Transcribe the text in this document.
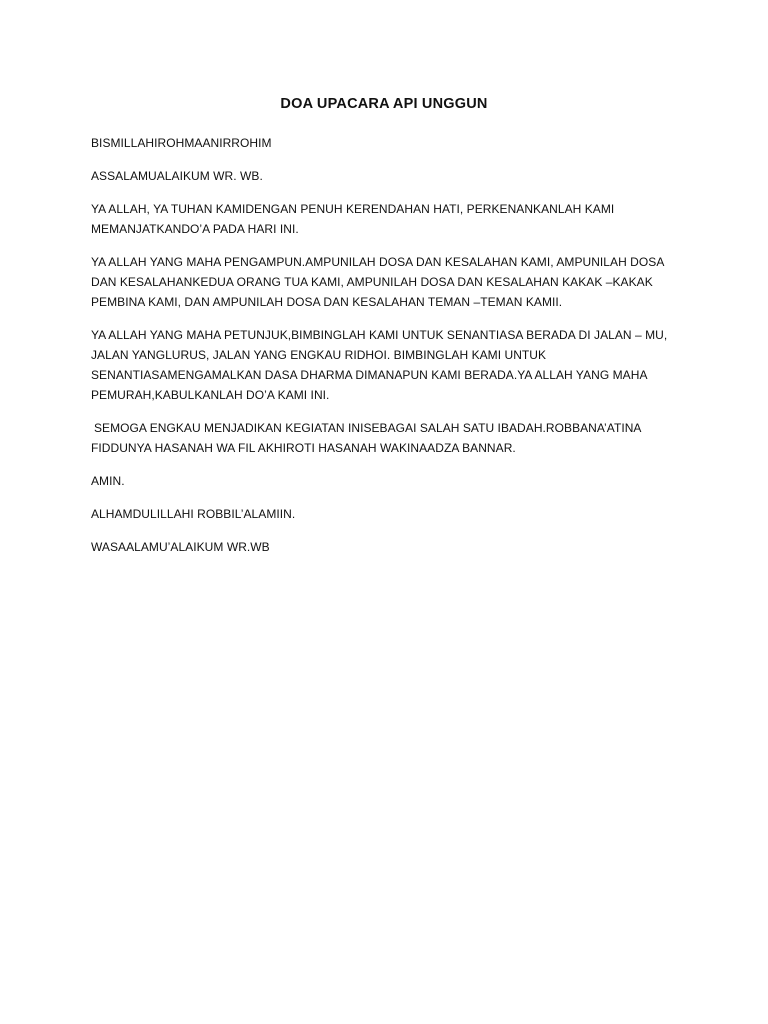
DOA UPACARA API UNGGUN

BISMILLAHIROHMAANIRROHIM

ASSALAMUALAIKUM WR. WB.

YA ALLAH, YA TUHAN KAMIDENGAN PENUH KERENDAHAN HATI, PERKENANKANLAH KAMI MEMANJATKANDO’A PADA HARI INI.

YA ALLAH YANG MAHA PENGAMPUN.AMPUNILAH DOSA DAN KESALAHAN KAMI, AMPUNILAH DOSA DAN KESALAHANKEDUA ORANG TUA KAMI, AMPUNILAH DOSA DAN KESALAHAN KAKAK –KAKAK PEMBINA KAMI, DAN AMPUNILAH DOSA DAN KESALAHAN TEMAN –TEMAN KAMII.

YA ALLAH YANG MAHA PETUNJUK,BIMBINGLAH KAMI UNTUK SENANTIASA BERADA DI JALAN – MU, JALAN YANGLURUS, JALAN YANG ENGKAU RIDHOI. BIMBINGLAH KAMI UNTUK SENANTIASAMENGAMALKAN DASA DHARMA DIMANAPUN KAMI BERADA.YA ALLAH YANG MAHA PEMURAH,KABULKANLAH DO’A KAMI INI.

SEMOGA ENGKAU MENJADIKAN KEGIATAN INISEBAGAI SALAH SATU IBADAH.ROBBANA’ATINA FIDDUNYA HASANAH WA FIL AKHIROTI HASANAH WAKINAADZA BANNAR.

AMIN.

ALHAMDULILLAHI ROBBIL’ALAMIIN.

WASAALAMU’ALAIKUM WR.WB
